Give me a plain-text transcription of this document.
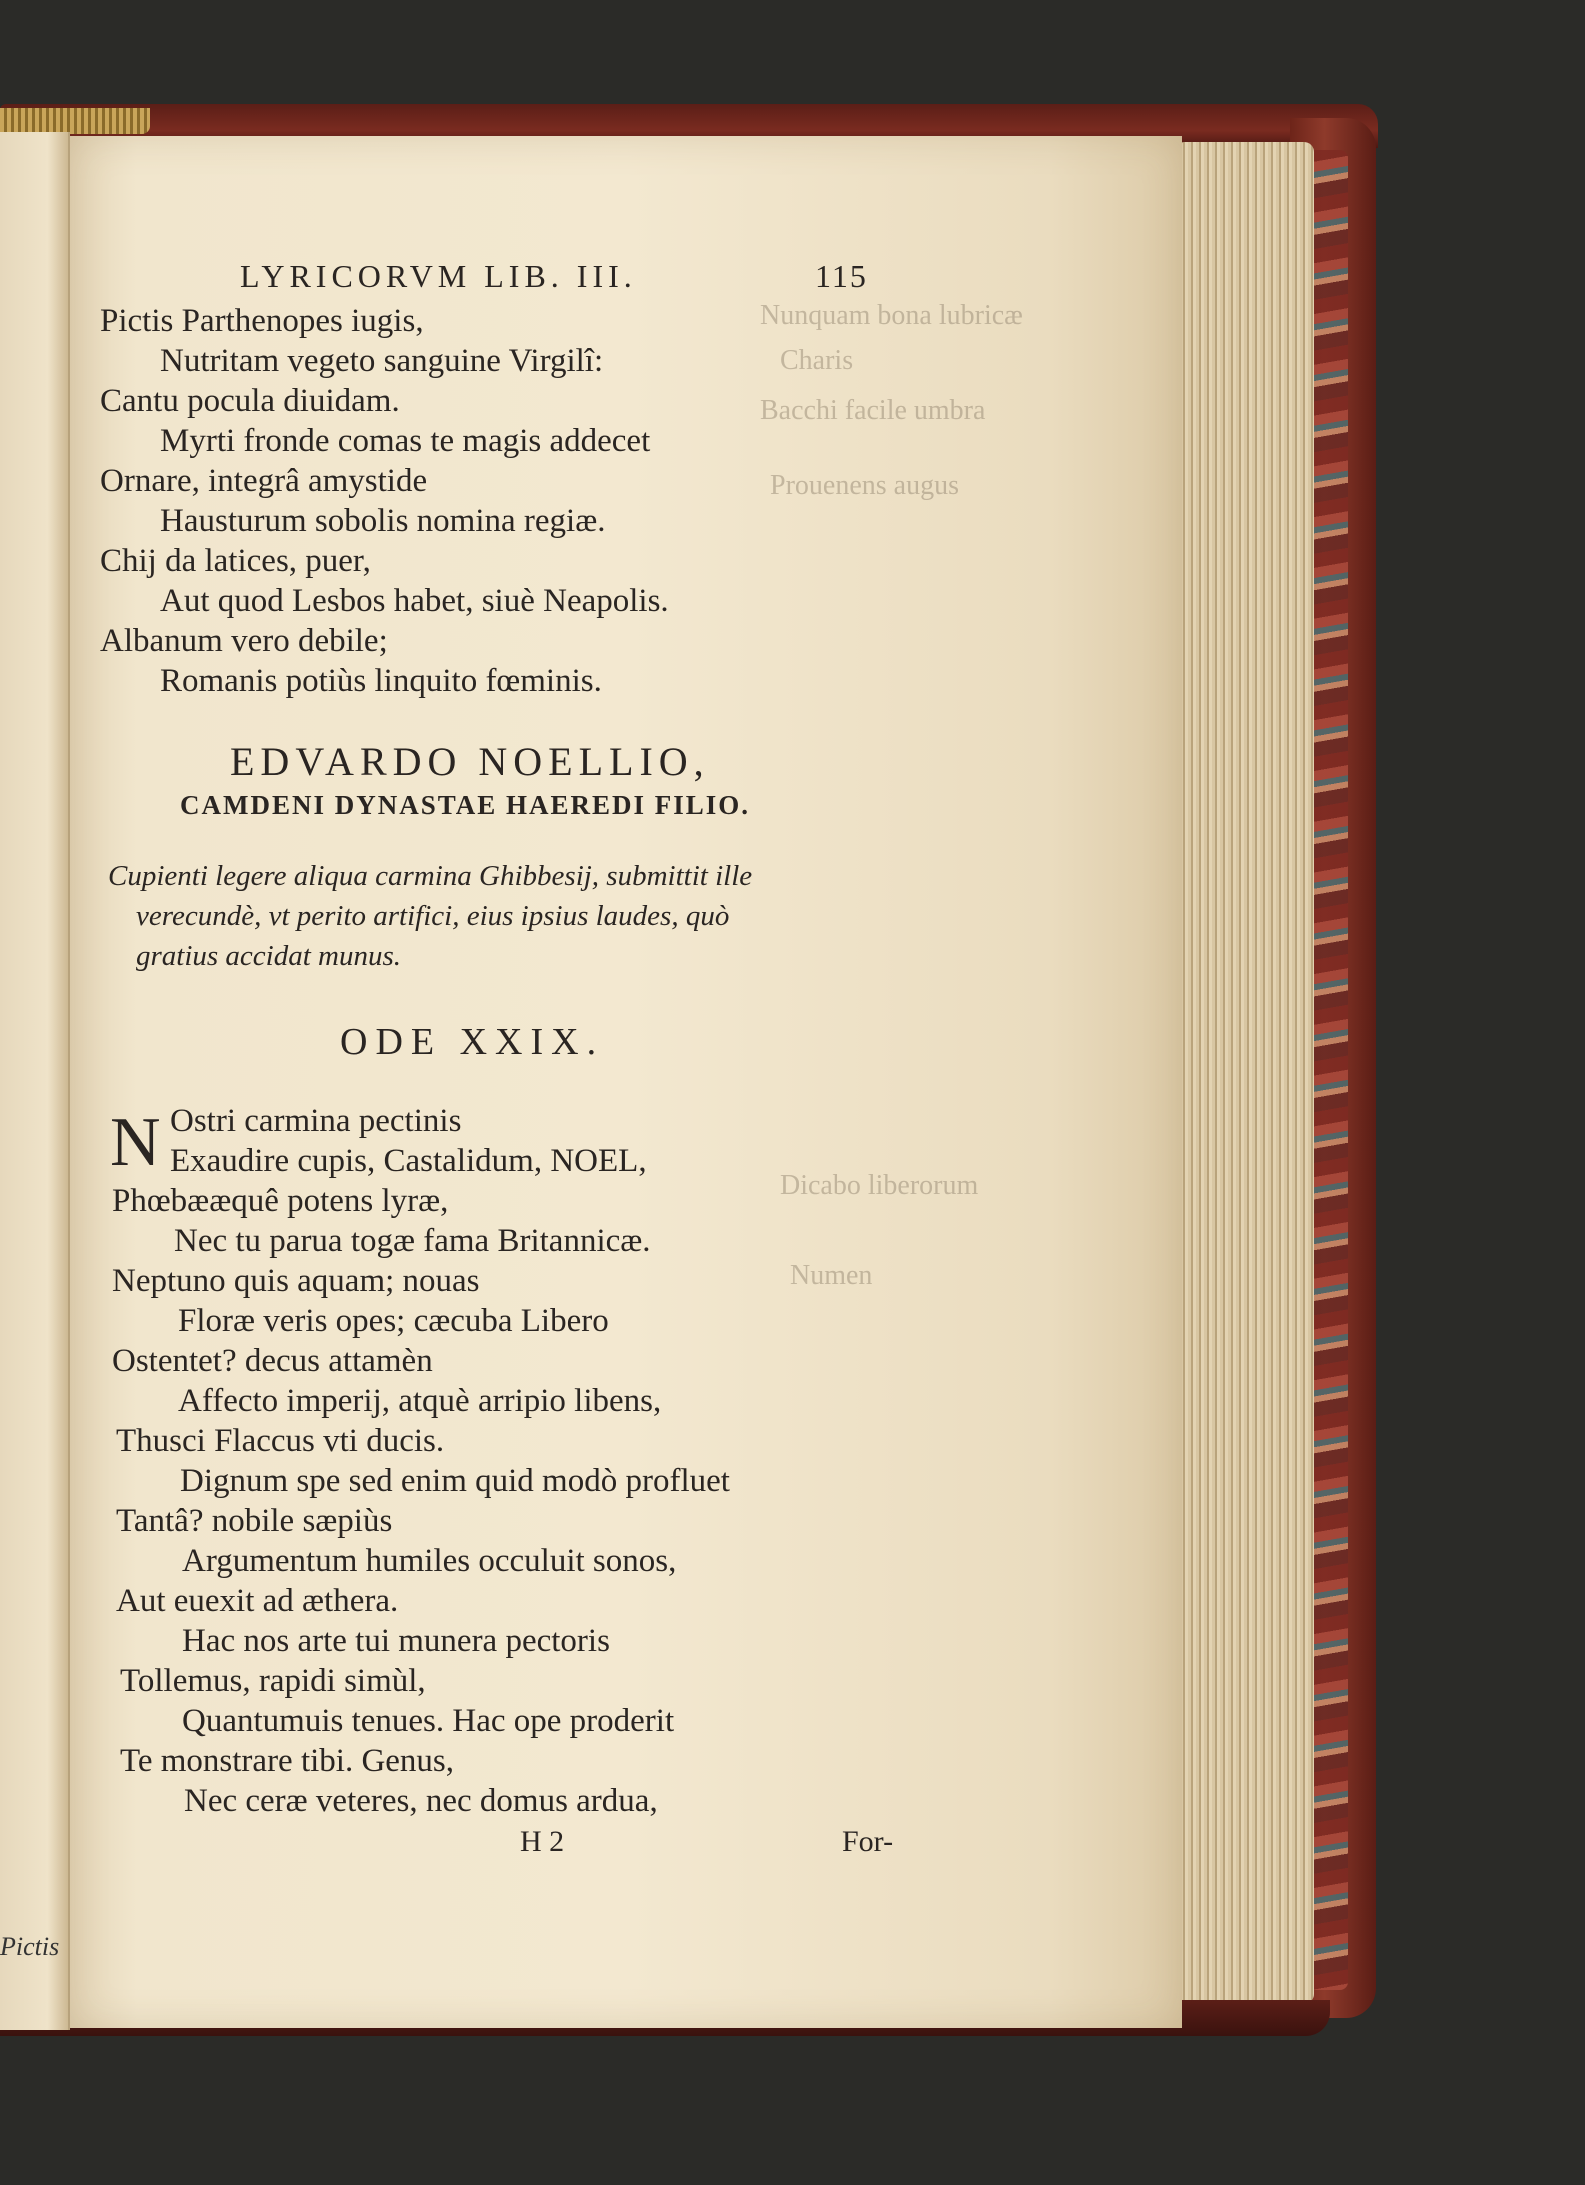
Pictis
Nunquam bona lubricæ
Charis
Bacchi facile umbra
Prouenens augus
Dicabo liberorum
Numen
LYRICORVM LIB. III.	115
Pictis Parthenopes iugis,
Nutritam vegeto sanguine Virgilî:
Cantu pocula diuidam.
Myrti fronde comas te magis addecet
Ornare, integrâ amystide
Hausturum sobolis nomina regiæ.
Chij da latices, puer,
Aut quod Lesbos habet, siuè Neapolis.
Albanum vero debile;
Romanis potiùs linquito fœminis.
EDVARDO NOELLIO,
CAMDENI DYNASTAE HAEREDI FILIO.
Cupienti legere aliqua carmina Ghibbesij, submittit ille
verecundè, vt perito artifici, eius ipsius laudes, quò
gratius accidat munus.
ODE XXIX.
N Ostri carmina pectinis
Exaudire cupis, Castalidum, NOEL,
Phœbææquê potens lyræ,
Nec tu parua togæ fama Britannicæ.
Neptuno quis aquam; nouas
Floræ veris opes; cæcuba Libero
Ostentet? decus attamèn
Affecto imperij, atquè arripio libens,
Thusci Flaccus vti ducis.
Dignum spe sed enim quid modò profluet
Tantâ? nobile sæpiùs
Argumentum humiles occuluit sonos,
Aut euexit ad æthera.
Hac nos arte tui munera pectoris
Tollemus, rapidi simùl,
Quantumuis tenues. Hac ope proderit
Te monstrare tibi. Genus,
Nec ceræ veteres, nec domus ardua,
H 2	For-
